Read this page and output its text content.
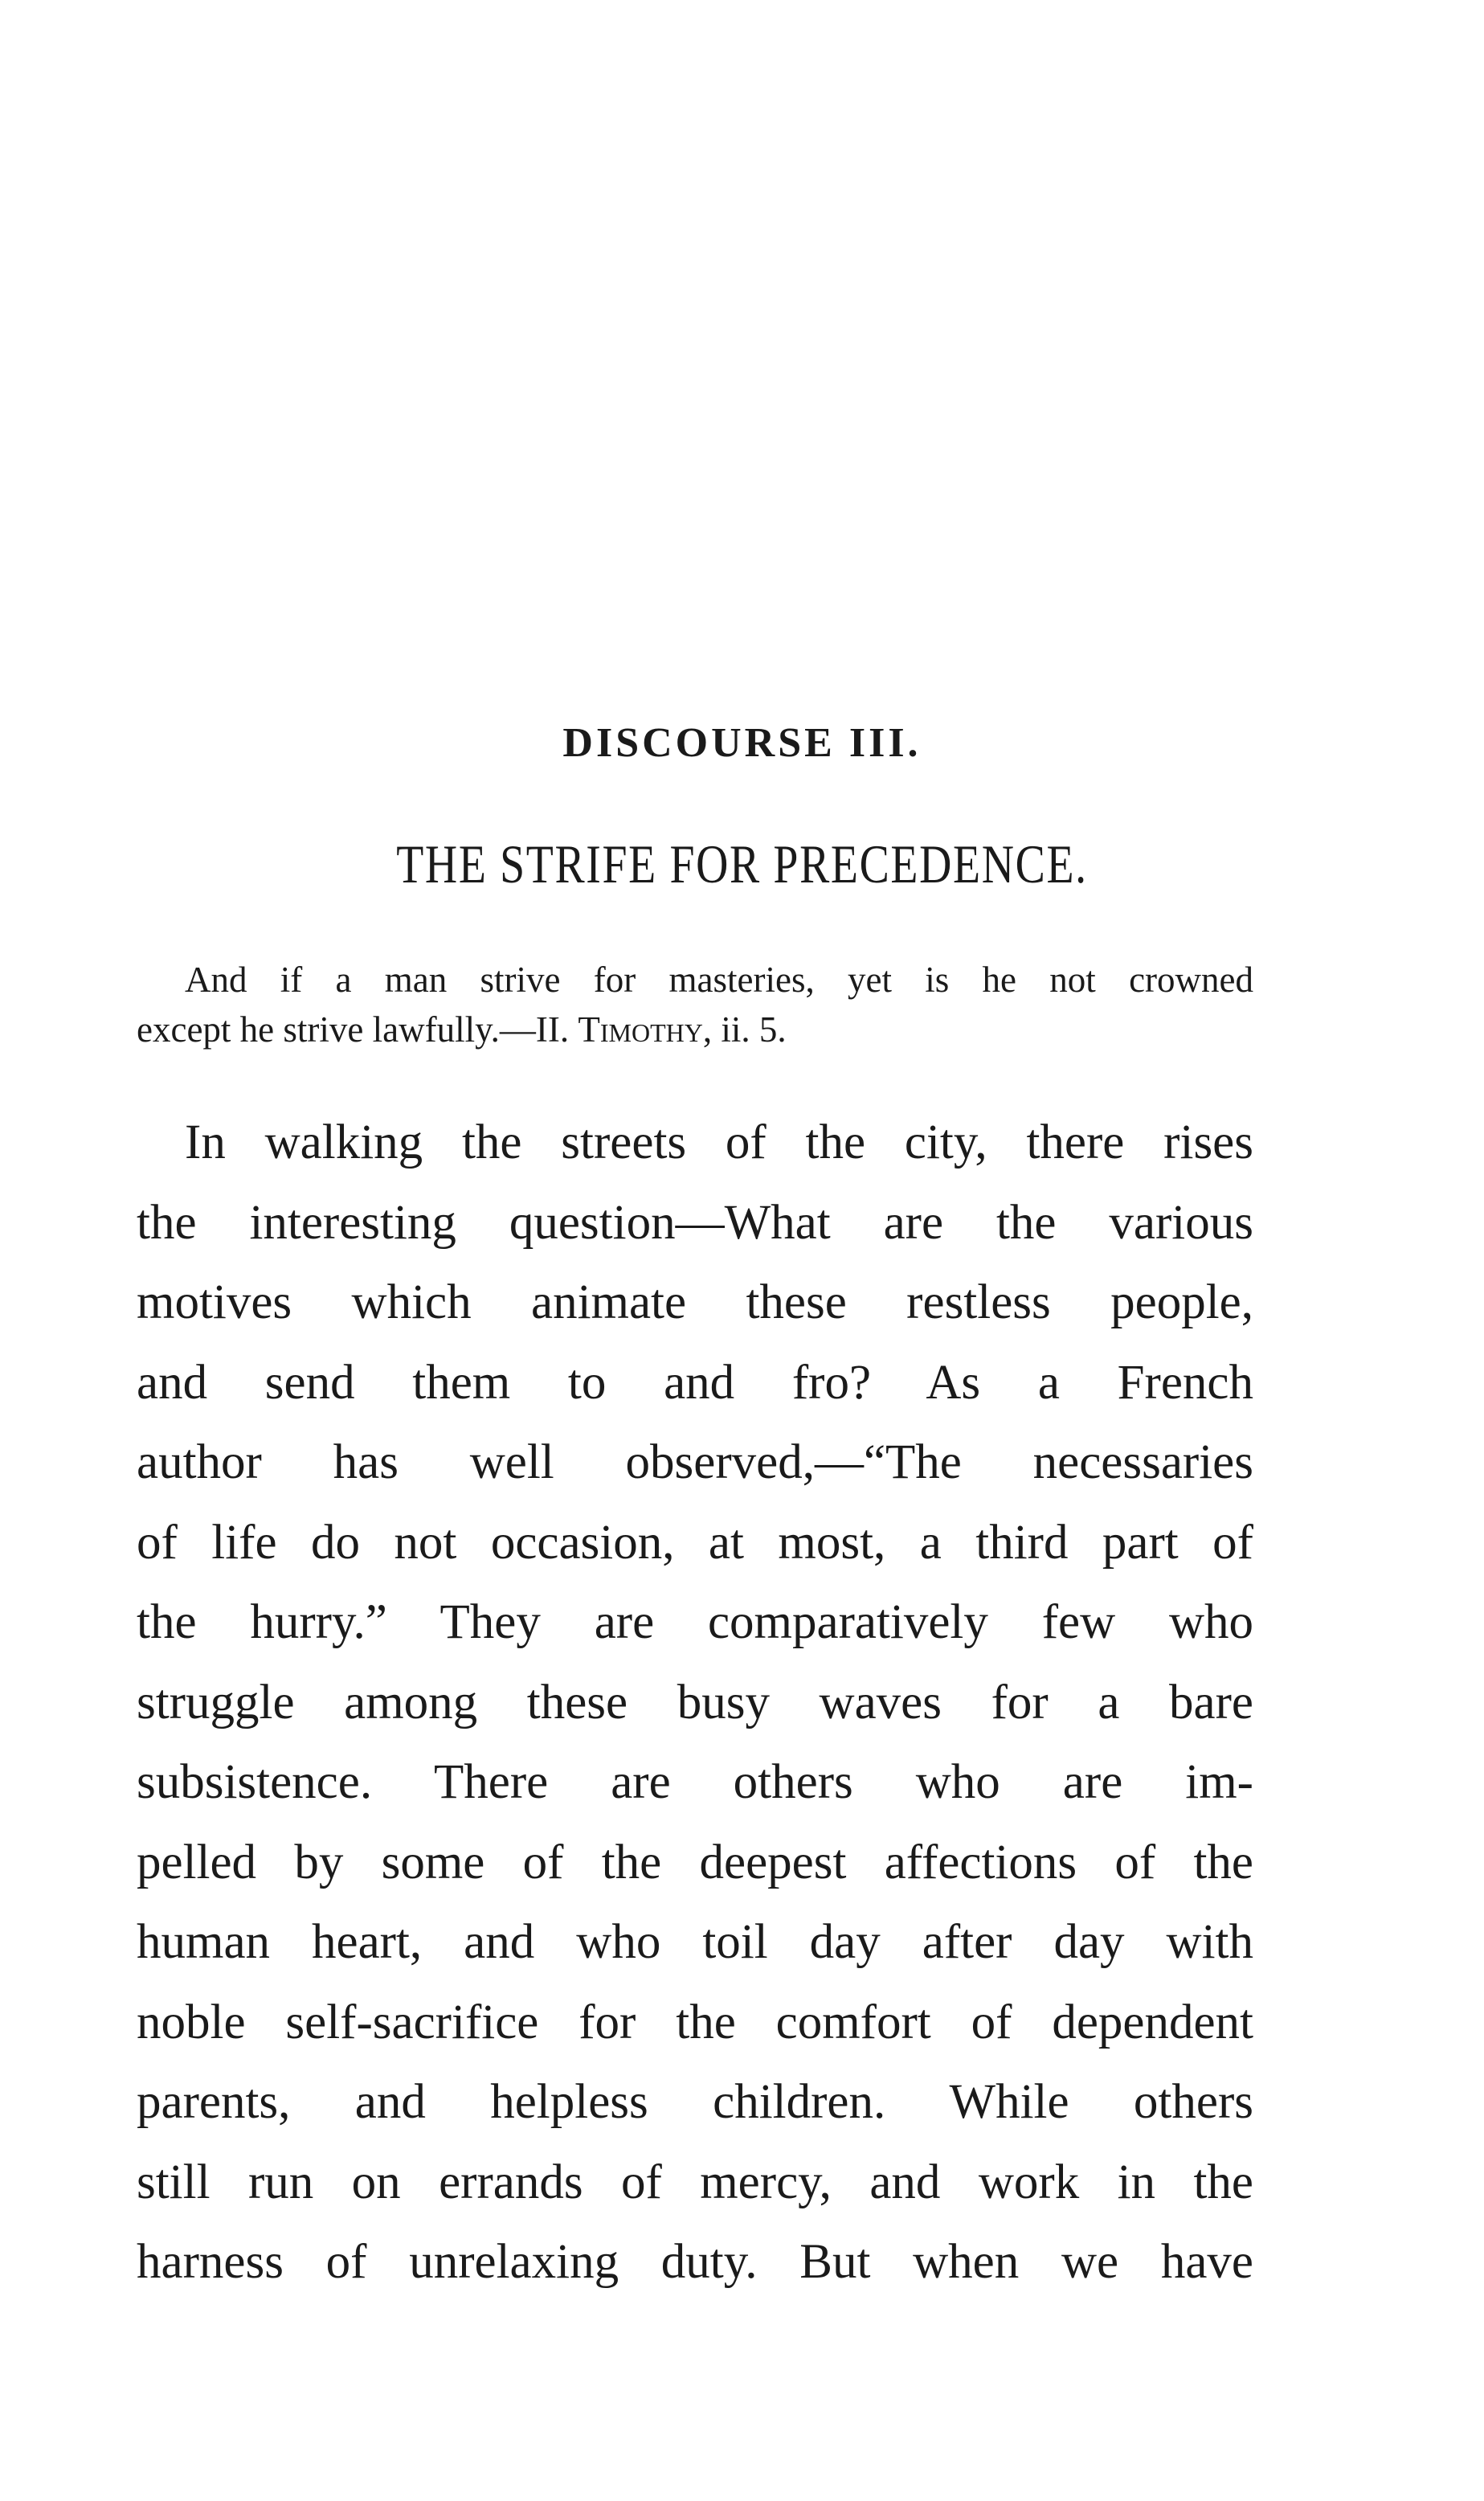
DISCOURSE III.
THE STRIFE FOR PRECEDENCE.
And if a man strive for masteries, yet is he not crowned
except he strive lawfully.—II. Timothy, ii. 5.
In walking the streets of the city, there rises
the interesting question—What are the various
motives which animate these restless people,
and send them to and fro? As a French
author has well observed,—“The necessaries
of life do not occasion, at most, a third part of
the hurry.” They are comparatively few who
struggle among these busy waves for a bare
subsistence. There are others who are im-
pelled by some of the deepest affections of the
human heart, and who toil day after day with
noble self-sacrifice for the comfort of dependent
parents, and helpless children. While others
still run on errands of mercy, and work in the
harness of unrelaxing duty. But when we have
